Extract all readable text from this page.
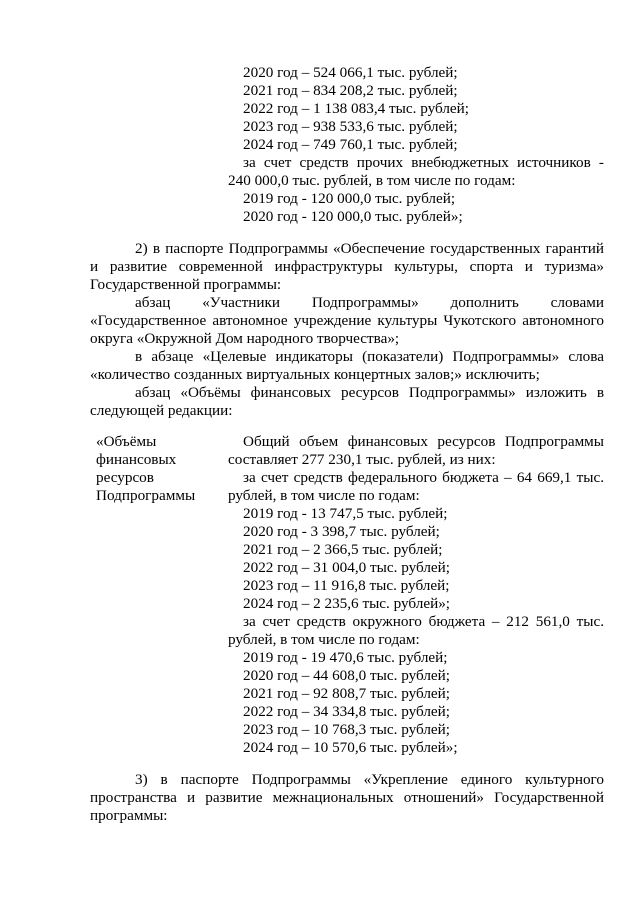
2020 год – 524 066,1 тыс. рублей;
2021 год – 834 208,2 тыс. рублей;
2022 год – 1 138 083,4 тыс. рублей;
2023 год – 938 533,6 тыс. рублей;
2024 год – 749 760,1 тыс. рублей;
за счет средств прочих внебюджетных источников -
240 000,0 тыс. рублей, в том числе по годам:
2019 год - 120 000,0 тыс. рублей;
2020 год - 120 000,0 тыс. рублей»;
2) в паспорте Подпрограммы «Обеспечение государственных гарантий
и развитие современной инфраструктуры культуры, спорта и туризма»
Государственной программы:
абзац «Участники Подпрограммы» дополнить словами
«Государственное автономное учреждение культуры Чукотского автономного
округа «Окружной Дом народного творчества»;
в абзаце «Целевые индикаторы (показатели) Подпрограммы» слова
«количество созданных виртуальных концертных залов;» исключить;
абзац «Объёмы финансовых ресурсов Подпрограммы» изложить в
следующей редакции:
«Объёмы
финансовых
ресурсов
Подпрограммы
Общий объем финансовых ресурсов Подпрограммы
составляет 277 230,1 тыс. рублей, из них:
за счет средств федерального бюджета – 64 669,1 тыс.
рублей, в том числе по годам:
2019 год - 13 747,5 тыс. рублей;
2020 год - 3 398,7 тыс. рублей;
2021 год – 2 366,5 тыс. рублей;
2022 год – 31 004,0 тыс. рублей;
2023 год – 11 916,8 тыс. рублей;
2024 год – 2 235,6 тыс. рублей»;
за счет средств окружного бюджета – 212 561,0 тыс.
рублей, в том числе по годам:
2019 год - 19 470,6 тыс. рублей;
2020 год – 44 608,0 тыс. рублей;
2021 год – 92 808,7 тыс. рублей;
2022 год – 34 334,8 тыс. рублей;
2023 год – 10 768,3 тыс. рублей;
2024 год – 10 570,6 тыс. рублей»;
3) в паспорте Подпрограммы «Укрепление единого культурного
пространства и развитие межнациональных отношений» Государственной
программы:
